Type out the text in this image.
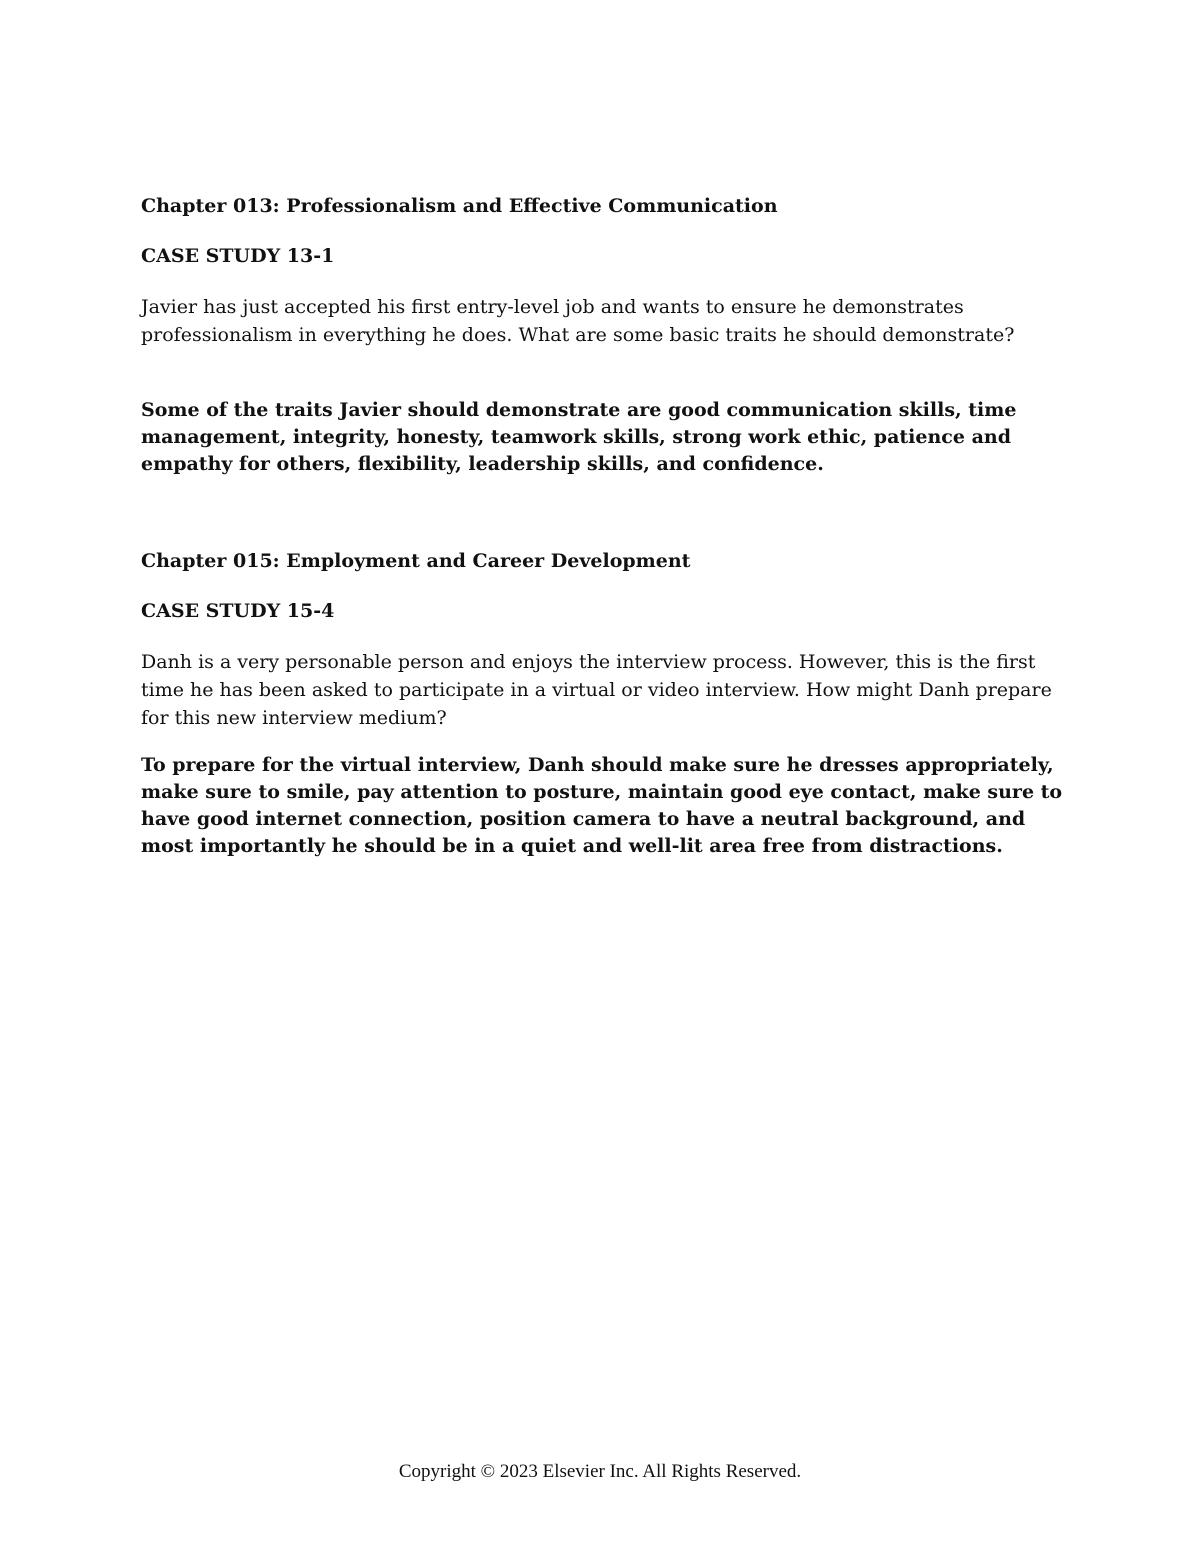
Chapter 013: Professionalism and Effective Communication
CASE STUDY 13-1

Javier has just accepted his first entry-level job and wants to ensure he demonstrates professionalism in everything he does. What are some basic traits he should demonstrate?

Some of the traits Javier should demonstrate are good communication skills, time management, integrity, honesty, teamwork skills, strong work ethic, patience and empathy for others, flexibility, leadership skills, and confidence.

Chapter 015: Employment and Career Development
CASE STUDY 15-4

Danh is a very personable person and enjoys the interview process. However, this is the first time he has been asked to participate in a virtual or video interview. How might Danh prepare for this new interview medium?

To prepare for the virtual interview, Danh should make sure he dresses appropriately, make sure to smile, pay attention to posture, maintain good eye contact, make sure to have good internet connection, position camera to have a neutral background, and most importantly he should be in a quiet and well-lit area free from distractions.

Copyright © 2023 Elsevier Inc. All Rights Reserved.
